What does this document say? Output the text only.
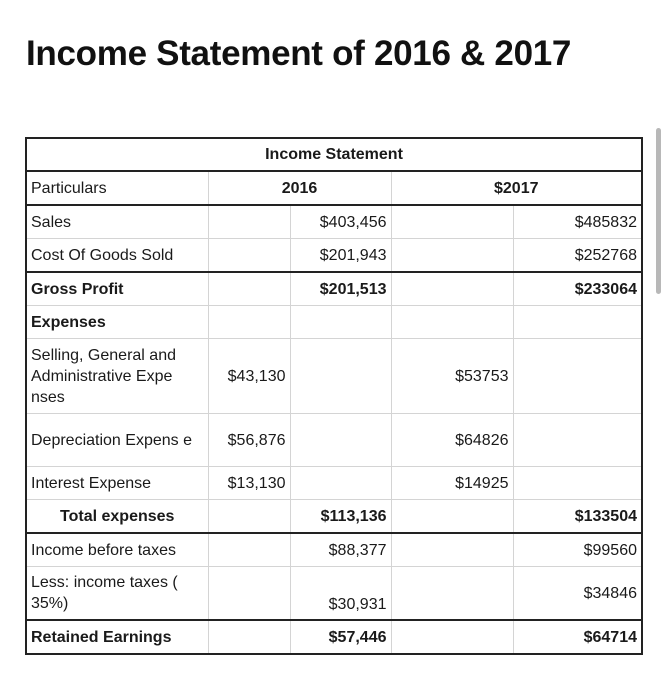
Income Statement of 2016 & 2017
Income Statement				
Particulars	2016		$2017	
Sales		$403,456		$485832
Cost Of Goods Sold		$201,943		$252768
Gross Profit		$201,513		$233064
Expenses				
Selling, General and Administrative Expe nses	$43,130		$53753	
Depreciation Expens e	$56,876		$64826	
Interest Expense	$13,130		$14925	
Total expenses		$113,136		$133504
Income before taxes		$88,377		$99560
Less: income taxes ( 35%)		$30,931		$34846
Retained Earnings		$57,446		$64714
